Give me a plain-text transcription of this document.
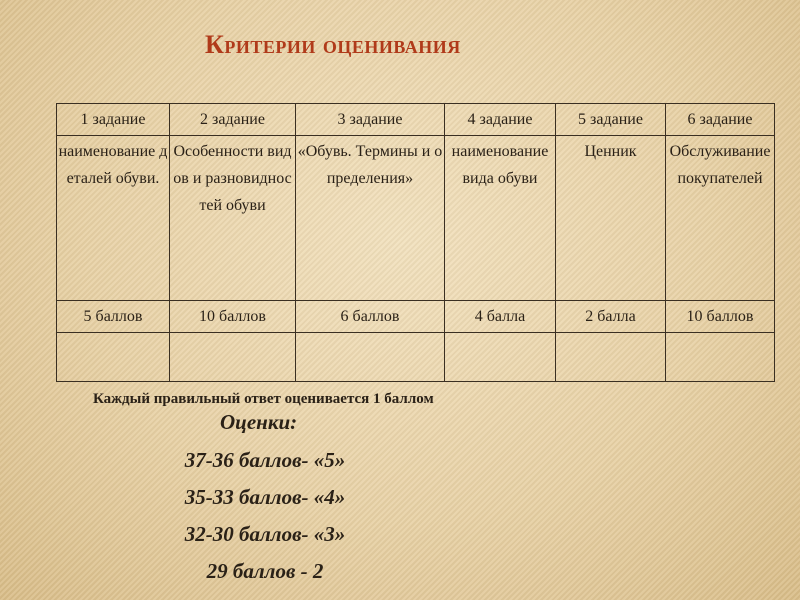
Критерии оценивания
1 задание	2 задание	3 задание	4 задание	5 задание	6 задание
наименование деталей обуви.	Особенности видов и разновидностей обуви	«Обувь. Термины и определения»	наименование вида обуви	Ценник	Обслуживание покупателей
5 баллов	10 баллов	6 баллов	4 балла	2 балла	10 баллов

Каждый правильный ответ оценивается 1 баллом
Оценки:
37-36 баллов- «5»
35-33 баллов- «4»
32-30 баллов- «3»
29 баллов - 2
